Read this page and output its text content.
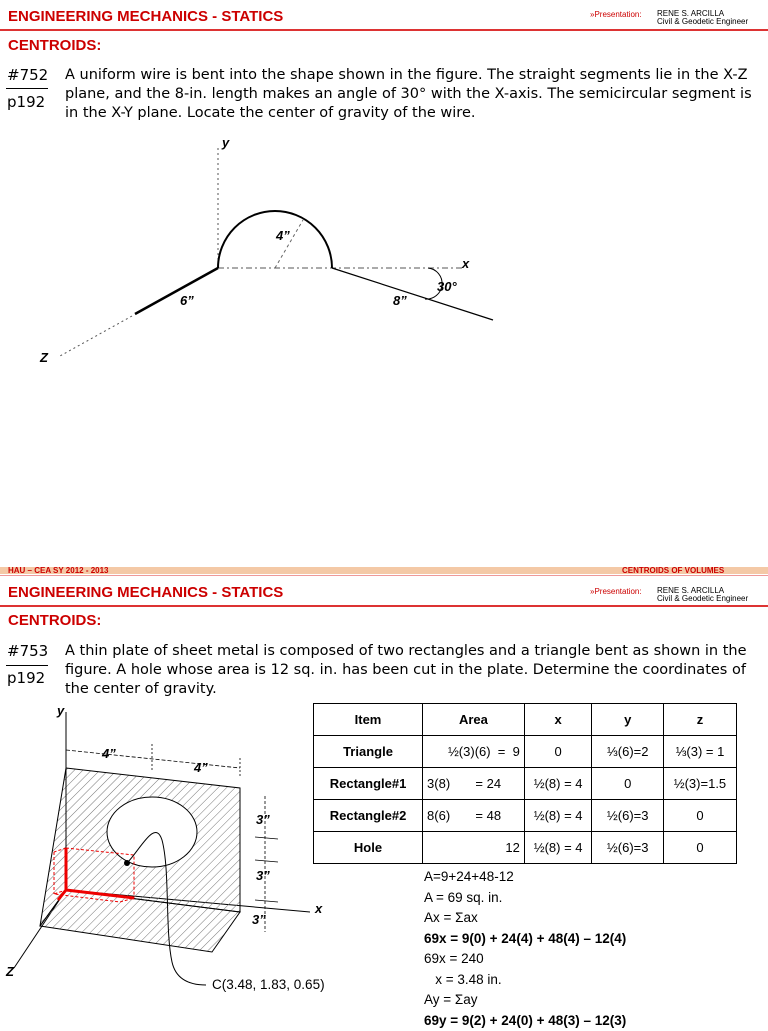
ENGINEERING MECHANICS - STATICS	»Presentation: RENE S. ARCILLA
Civil & Geodetic Engineer
CENTROIDS:
#752
p192
A uniform wire is bent into the shape shown in the figure. The straight segments lie in the X-Z plane, and the 8-in. length makes an angle of 30° with the X-axis. The semicircular segment is in the X-Y plane. Locate the center of gravity of the wire.
y
x
Z
4”
6”	8”
30°
HAU – CEA SY 2012 - 2013	CENTROIDS OF VOLUMES
ENGINEERING MECHANICS - STATICS	»Presentation: RENE S. ARCILLA
Civil & Geodetic Engineer
CENTROIDS:
#753
p192
A thin plate of sheet metal is composed of two rectangles and a triangle bent as shown in the figure. A hole whose area is 12 sq. in. has been cut in the plate. Determine the coordinates of the center of gravity.
y
x
Z
4”
4”
3”
3”
3”
C(3.48, 1.83, 0.65)
Item	Area	x	y	z
Triangle	½(3)(6)  =  9	0	⅓(6)=2	⅓(3) = 1
Rectangle#1	3(8)       = 24	½(8) = 4	0	½(3)=1.5
Rectangle#2	8(6)       = 48	½(8) = 4	½(6)=3	0
Hole	12	½(8) = 4	½(6)=3	0
A=9+24+48-12
A = 69 sq. in.
Ax = Σax
69x = 9(0) + 24(4) + 48(4) – 12(4)
69x = 240
x = 3.48 in.
Ay = Σay
69y = 9(2) + 24(0) + 48(3) – 12(3)
